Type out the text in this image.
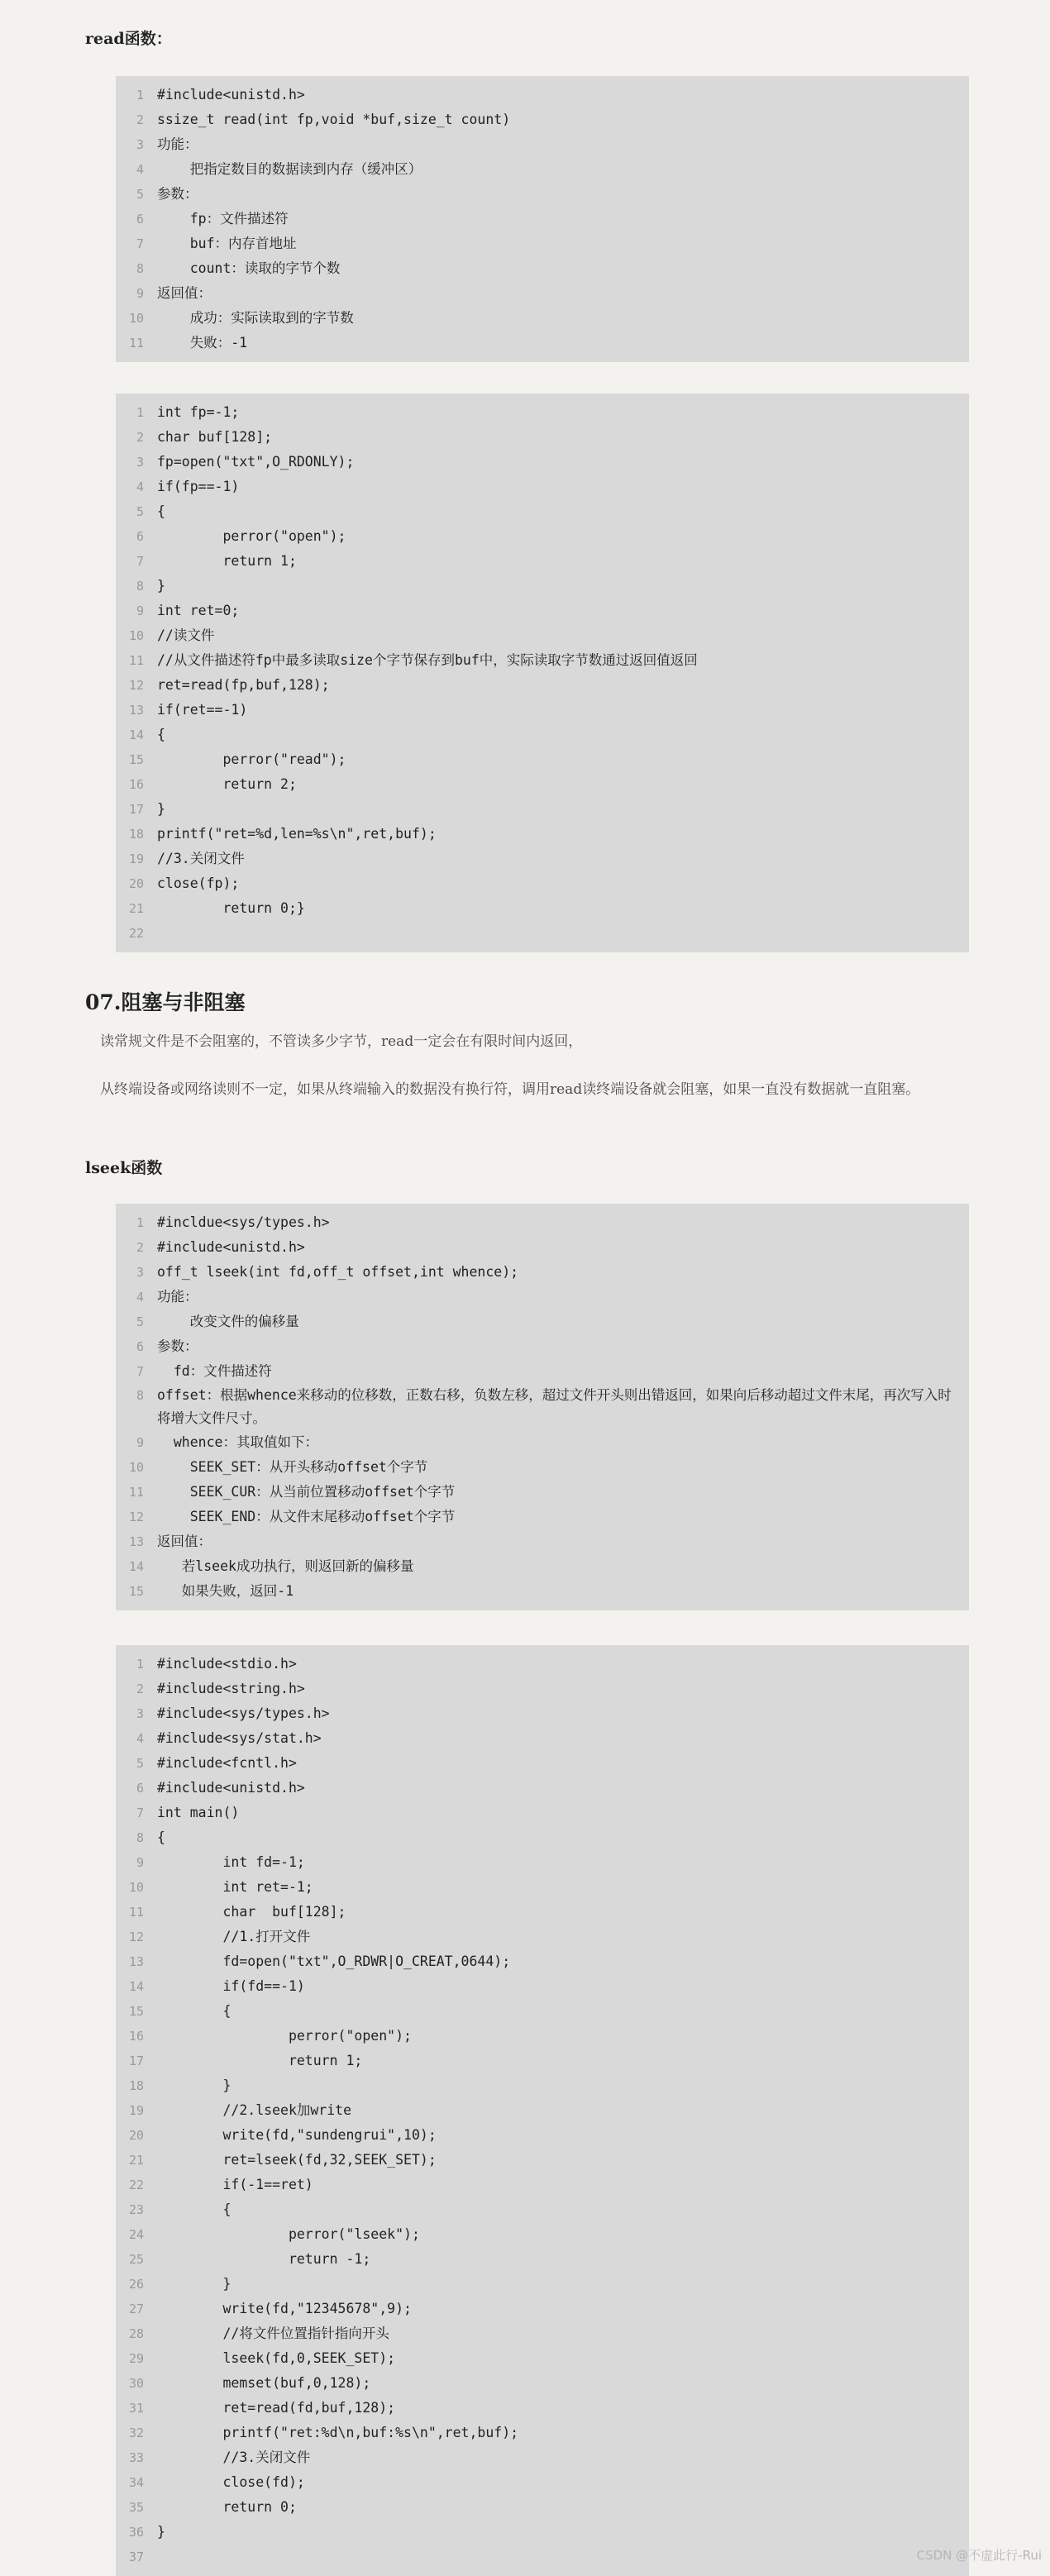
read函数：
1 #include<unistd.h>
2 ssize_t read(int fp,void *buf,size_t count)
3 功能：
4 把指定数目的数据读到内存（缓冲区）
5 参数：
6 fp：文件描述符
7 buf：内存首地址
8 count：读取的字节个数
9 返回值：
10 成功：实际读取到的字节数
11 失败：-1
1 int fp=-1;
2 char buf[128];
3 fp=open("txt",O_RDONLY);
4 if(fp==-1)
5 {
6 perror("open");
7 return 1;
8 }
9 int ret=0;
10 //读文件
11 //从文件描述符fp中最多读取size个字节保存到buf中，实际读取字节数通过返回值返回
12 ret=read(fp,buf,128);
13 if(ret==-1)
14 {
15 perror("read");
16 return 2;
17 }
18 printf("ret=%d,len=%s\n",ret,buf);
19 //3.关闭文件
20 close(fp);
21 return 0;}
22
07.阻塞与非阻塞
读常规文件是不会阻塞的，不管读多少字节，read一定会在有限时间内返回，
从终端设备或网络读则不一定，如果从终端输入的数据没有换行符，调用read读终端设备就会阻塞，如果一直没有数据就一直阻塞。
lseek函数
1 #incldue<sys/types.h>
2 #include<unistd.h>
3 off_t lseek(int fd,off_t offset,int whence);
4 功能：
5 改变文件的偏移量
6 参数：
7 fd：文件描述符
8 offset：根据whence来移动的位移数，正数右移，负数左移，超过文件开头则出错返回，如果向后移动超过文件末尾，再次写入时将增大文件尺寸。
9 whence：其取值如下：
10 SEEK_SET：从开头移动offset个字节
11 SEEK_CUR：从当前位置移动offset个字节
12 SEEK_END：从文件末尾移动offset个字节
13 返回值：
14 若lseek成功执行，则返回新的偏移量
15 如果失败，返回-1
1 #include<stdio.h>
2 #include<string.h>
3 #include<sys/types.h>
4 #include<sys/stat.h>
5 #include<fcntl.h>
6 #include<unistd.h>
7 int main()
8 {
9 int fd=-1;
10 int ret=-1;
11 char  buf[128];
12 //1.打开文件
13 fd=open("txt",O_RDWR|O_CREAT,0644);
14 if(fd==-1)
15 {
16 perror("open");
17 return 1;
18 }
19 //2.lseek加write
20 write(fd,"sundengrui",10);
21 ret=lseek(fd,32,SEEK_SET);
22 if(-1==ret)
23 {
24 perror("lseek");
25 return -1;
26 }
27 write(fd,"12345678",9);
28 //将文件位置指针指向开头
29 lseek(fd,0,SEEK_SET);
30 memset(buf,0,128);
31 ret=read(fd,buf,128);
32 printf("ret:%d\n,buf:%s\n",ret,buf);
33 //3.关闭文件
34 close(fd);
35 return 0;
36 }
37	CSDN @不虚此行-Rui
